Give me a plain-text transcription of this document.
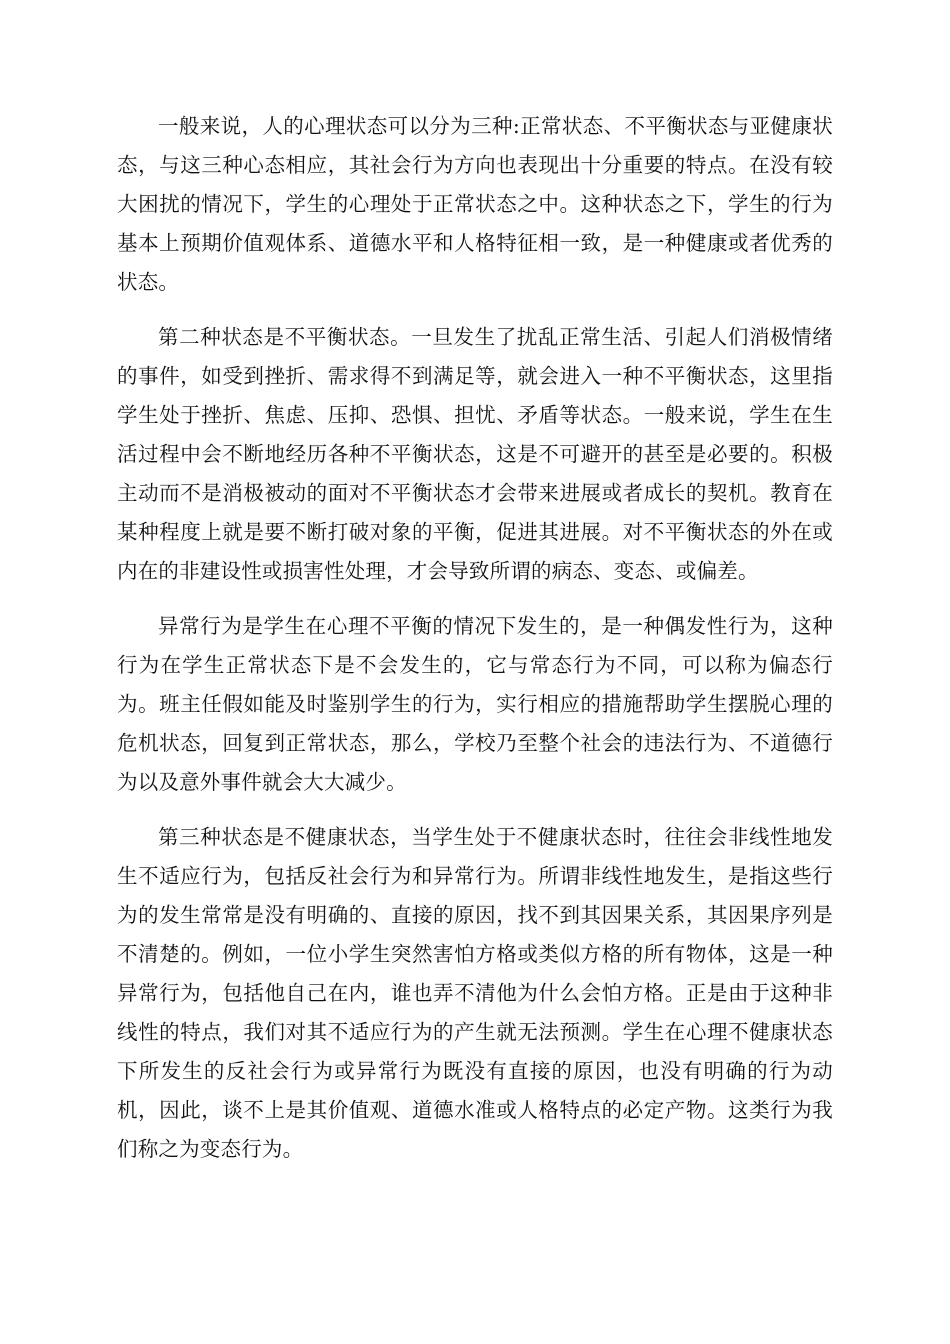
一般来说，人的心理状态可以分为三种:正常状态、不平衡状态与亚健康状态，与这三种心态相应，其社会行为方向也表现出十分重要的特点。在没有较大困扰的情况下，学生的心理处于正常状态之中。这种状态之下，学生的行为基本上预期价值观体系、道德水平和人格特征相一致，是一种健康或者优秀的状态。

第二种状态是不平衡状态。一旦发生了扰乱正常生活、引起人们消极情绪的事件，如受到挫折、需求得不到满足等，就会进入一种不平衡状态，这里指学生处于挫折、焦虑、压抑、恐惧、担忧、矛盾等状态。一般来说，学生在生活过程中会不断地经历各种不平衡状态，这是不可避开的甚至是必要的。积极主动而不是消极被动的面对不平衡状态才会带来进展或者成长的契机。教育在某种程度上就是要不断打破对象的平衡，促进其进展。对不平衡状态的外在或内在的非建设性或损害性处理，才会导致所谓的病态、变态、或偏差。

异常行为是学生在心理不平衡的情况下发生的，是一种偶发性行为，这种行为在学生正常状态下是不会发生的，它与常态行为不同，可以称为偏态行为。班主任假如能及时鉴别学生的行为，实行相应的措施帮助学生摆脱心理的危机状态，回复到正常状态，那么，学校乃至整个社会的违法行为、不道德行为以及意外事件就会大大减少。

第三种状态是不健康状态，当学生处于不健康状态时，往往会非线性地发生不适应行为，包括反社会行为和异常行为。所谓非线性地发生，是指这些行为的发生常常是没有明确的、直接的原因，找不到其因果关系，其因果序列是不清楚的。例如，一位小学生突然害怕方格或类似方格的所有物体，这是一种异常行为，包括他自己在内，谁也弄不清他为什么会怕方格。正是由于这种非线性的特点，我们对其不适应行为的产生就无法预测。学生在心理不健康状态下所发生的反社会行为或异常行为既没有直接的原因，也没有明确的行为动机，因此，谈不上是其价值观、道德水准或人格特点的必定产物。这类行为我们称之为变态行为。
